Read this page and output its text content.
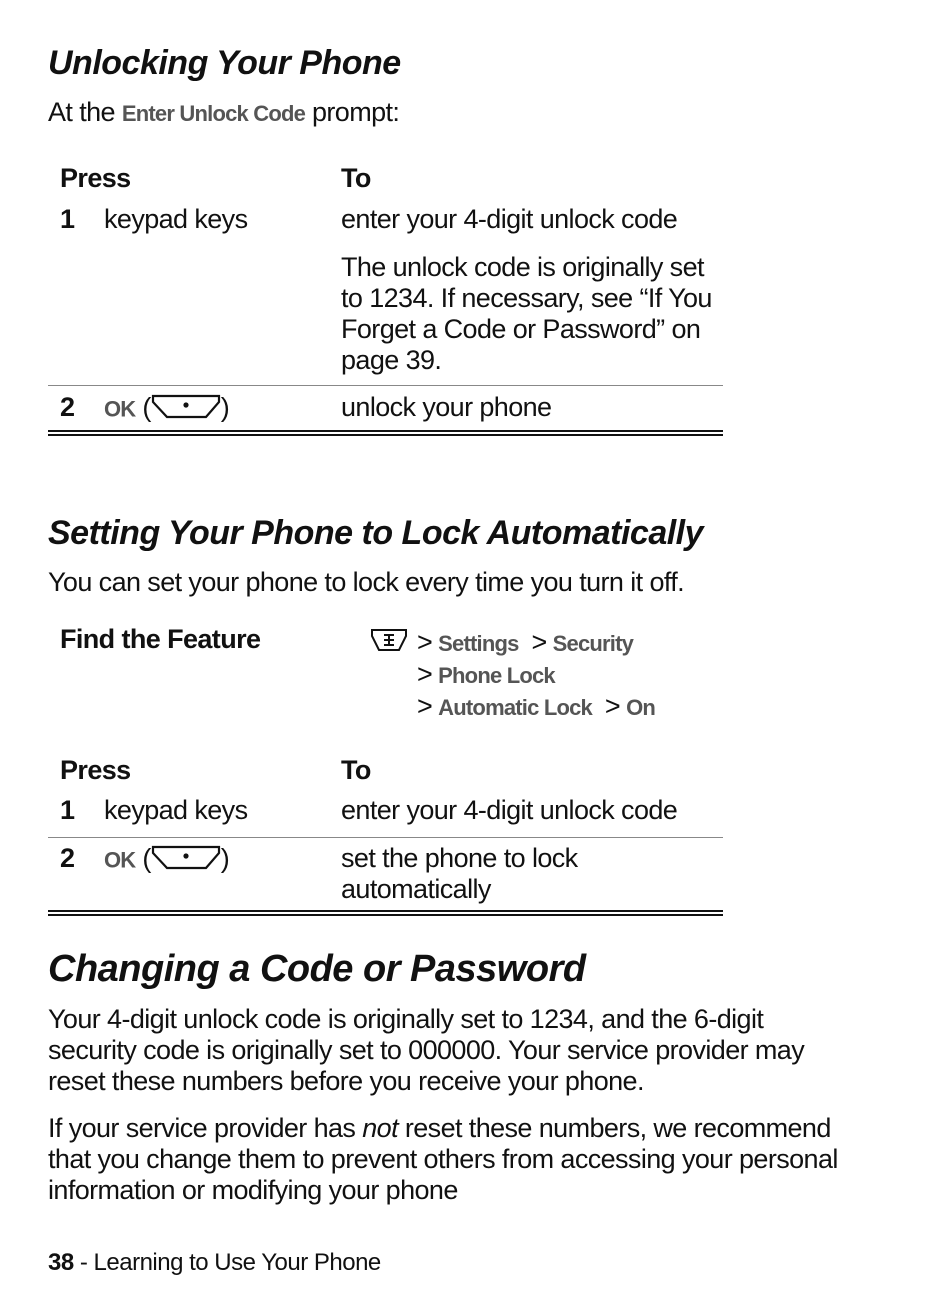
Unlocking Your Phone

At the Enter Unlock Code prompt:

Press	To
1 keypad keys	enter your 4-digit unlock code
The unlock code is originally set to 1234. If necessary, see “If You Forget a Code or Password” on page 39.
2 OK (	)	unlock your phone
Setting Your Phone to Lock Automatically

You can set your phone to lock every time you turn it off.

Find the Feature	> Settings > Security
> Phone Lock
> Automatic Lock > On
Press	To
1 keypad keys	enter your 4-digit unlock code
2 OK (	)	set the phone to lock automatically
Changing a Code or Password

Your 4-digit unlock code is originally set to 1234, and the 6-digit security code is originally set to 000000. Your service provider may reset these numbers before you receive your phone.

If your service provider has not reset these numbers, we recommend that you change them to prevent others from accessing your personal information or modifying your phone

38 - Learning to Use Your Phone
